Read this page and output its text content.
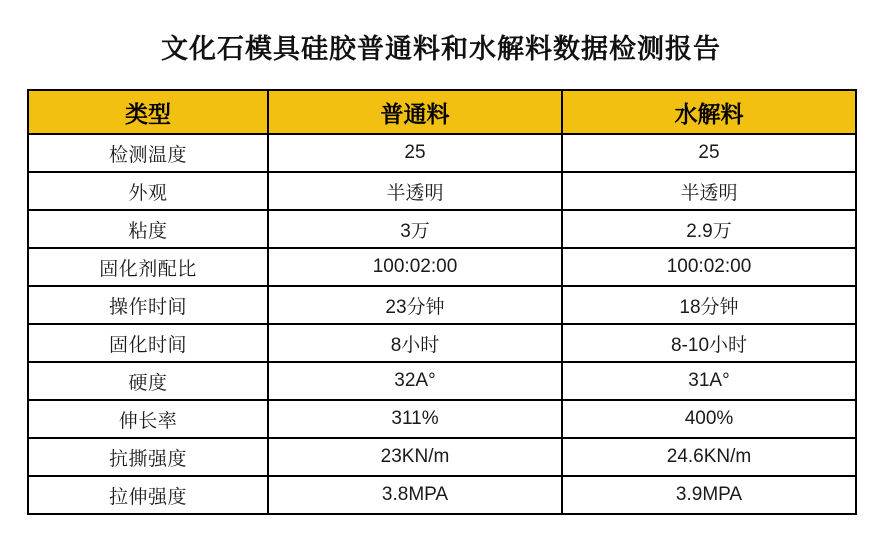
文化石模具硅胶普通料和水解料数据检测报告
类型	普通料	水解料
检测温度	25	25
外观	半透明	半透明
粘度	3万	2.9万
固化剂配比	100:02:00	100:02:00
操作时间	23分钟	18分钟
固化时间	8小时	8-10小时
硬度	32A°	31A°
伸长率	311%	400%
抗撕强度	23KN/m	24.6KN/m
拉伸强度	3.8MPA	3.9MPA
